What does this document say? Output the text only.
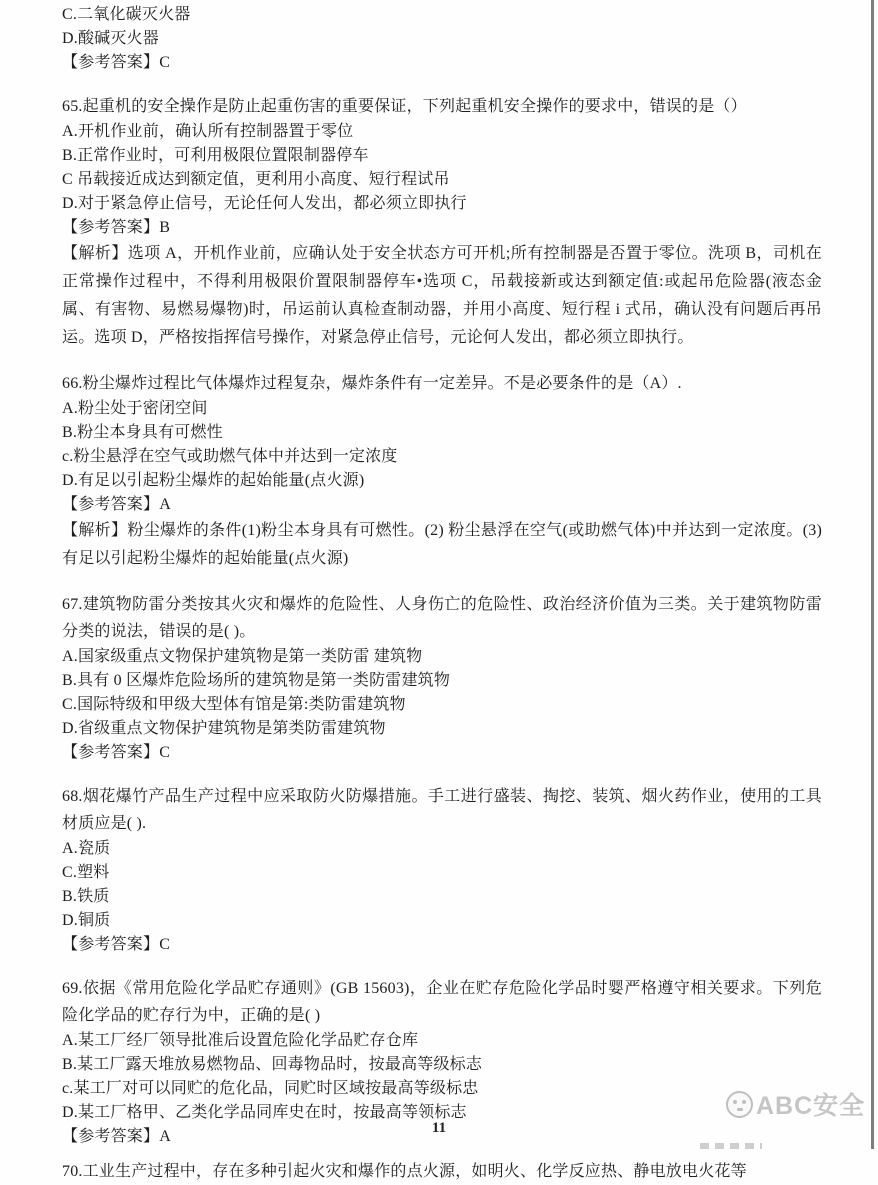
C.二氧化碳灭火器

D.酸碱灭火器

【参考答案】C

65.起重机的安全操作是防止起重伤害的重要保证，下列起重机安全操作的要求中，错误的是（）

A.开机作业前，确认所有控制器置于零位

B.正常作业时，可利用极限位置限制器停车

C 吊载接近成达到额定值，更利用小高度、短行程试吊

D.对于紧急停止信号，无论任何人发出，都必须立即执行

【参考答案】B

【解析】选项 A，开机作业前，应确认处于安全状态方可开机;所有控制器是否置于零位。洗项 B，司机在正常操作过程中，不得利用极限价置限制器停车•选项 C，吊载接新或达到额定值:或起吊危险器(液态金属、有害物、易燃易爆物)时，吊运前认真检查制动器，并用小高度、短行程 i 式吊，确认没有问题后再吊运。选项 D，严格按指挥信号操作，对紧急停止信号，元论何人发出，都必须立即执行。

66.粉尘爆炸过程比气体爆炸过程复杂，爆炸条件有一定差异。不是必要条件的是（A）.

A.粉尘处于密闭空间

B.粉尘本身具有可燃性

c.粉尘悬浮在空气或助燃气体中并达到一定浓度

D.有足以引起粉尘爆炸的起始能量(点火源)

【参考答案】A

【解析】粉尘爆炸的条件(1)粉尘本身具有可燃性。(2) 粉尘悬浮在空气(或助燃气体)中并达到一定浓度。(3)有足以引起粉尘爆炸的起始能量(点火源)

67.建筑物防雷分类按其火灾和爆炸的危险性、人身伤亡的危险性、政治经济价值为三类。关于建筑物防雷分类的说法，错误的是( )。

A.国家级重点文物保护建筑物是第一类防雷 建筑物

B.具有 0 区爆炸危险场所的建筑物是第一类防雷建筑物

C.国际特级和甲级大型体有馆是第:类防雷建筑物

D.省级重点文物保护建筑物是第类防雷建筑物

【参考答案】C

68.烟花爆竹产品生产过程中应采取防火防爆措施。手工进行盛装、掏挖、装筑、烟火药作业，使用的工具材质应是( ).

A.瓷质

C.塑料

B.铁质

D.铜质

【参考答案】C

69.依据《常用危险化学品贮存通则》(GB 15603)，企业在贮存危险化学品时婴严格遵守相关要求。下列危险化学品的贮存行为中，正确的是( )

A.某工厂经厂领导批准后设置危险化学品贮存仓库

B.某工厂露天堆放易燃物品、回毒物品时，按最高等级标志

c.某工厂对可以同贮的危化品，同贮时区域按最高等级标忠

D.某工厂格甲、乙类化学品同库史在时，按最高等领标志

【参考答案】A

70.工业生产过程中，存在多种引起火灾和爆作的点火源，如明火、化学反应热、静电放电火花等

ABC安全
11
